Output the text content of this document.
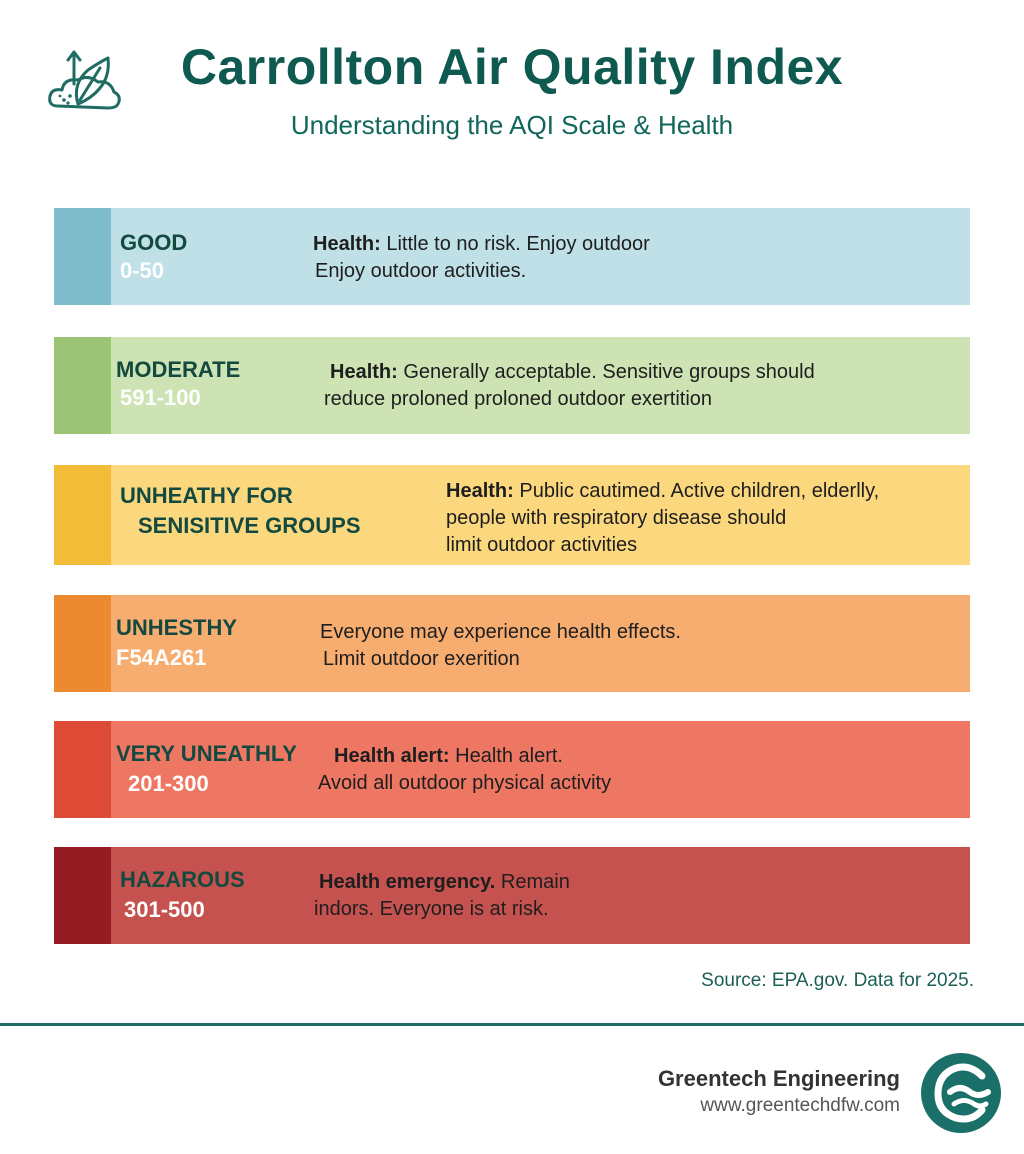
Carrollton Air Quality Index
Understanding the AQI Scale & Health
GOOD
0-50
Health: Little to no risk. Enjoy outdoor
Enjoy outdoor activities.
MODERATE
591-100
Health: Generally acceptable. Sensitive groups should
reduce proloned proloned outdoor exertition
UNHEATHY FOR
SENISITIVE GROUPS
Health: Public cautimed. Active children, elderlly,
people with respiratory disease should
limit outdoor activities
UNHESTHY
F54A261
Everyone may experience health effects.
Limit outdoor exerition
VERY UNEATHLY
201-300
Health alert: Health alert.
Avoid all outdoor physical activity
HAZAROUS
301-500
Health emergency. Remain
indors. Everyone is at risk.
Source: EPA.gov. Data for 2025.
Greentech Engineering
www.greentechdfw.com
